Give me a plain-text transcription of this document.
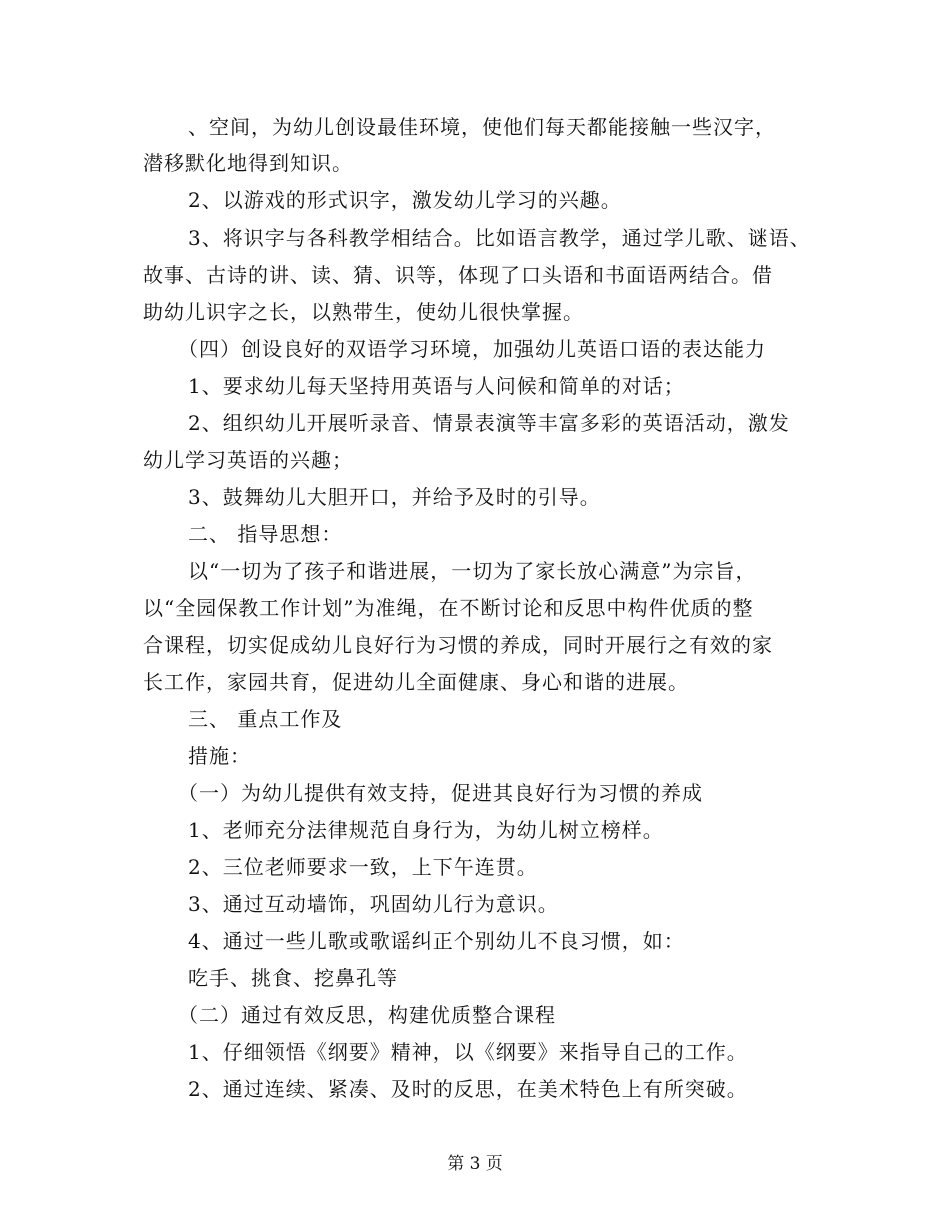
、空间，为幼儿创设最佳环境，使他们每天都能接触一些汉字，
潜移默化地得到知识。
2、以游戏的形式识字，激发幼儿学习的兴趣。
3、将识字与各科教学相结合。比如语言教学，通过学儿歌、谜语、
故事、古诗的讲、读、猜、识等，体现了口头语和书面语两结合。借
助幼儿识字之长，以熟带生，使幼儿很快掌握。
（四）创设良好的双语学习环境，加强幼儿英语口语的表达能力
1、要求幼儿每天坚持用英语与人问候和简单的对话；
2、组织幼儿开展听录音、情景表演等丰富多彩的英语活动，激发
幼儿学习英语的兴趣；
3、鼓舞幼儿大胆开口，并给予及时的引导。
二、 指导思想：
以“一切为了孩子和谐进展，一切为了家长放心满意”为宗旨，
以“全园保教工作计划”为准绳，在不断讨论和反思中构件优质的整
合课程，切实促成幼儿良好行为习惯的养成，同时开展行之有效的家
长工作，家园共育，促进幼儿全面健康、身心和谐的进展。
三、 重点工作及
措施：
（一）为幼儿提供有效支持，促进其良好行为习惯的养成
1、老师充分法律规范自身行为，为幼儿树立榜样。
2、三位老师要求一致，上下午连贯。
3、通过互动墙饰，巩固幼儿行为意识。
4、通过一些儿歌或歌谣纠正个别幼儿不良习惯，如：
吃手、挑食、挖鼻孔等
（二）通过有效反思，构建优质整合课程
1、仔细领悟《纲要》精神，以《纲要》来指导自己的工作。
2、通过连续、紧凑、及时的反思，在美术特色上有所突破。
第 3 页
